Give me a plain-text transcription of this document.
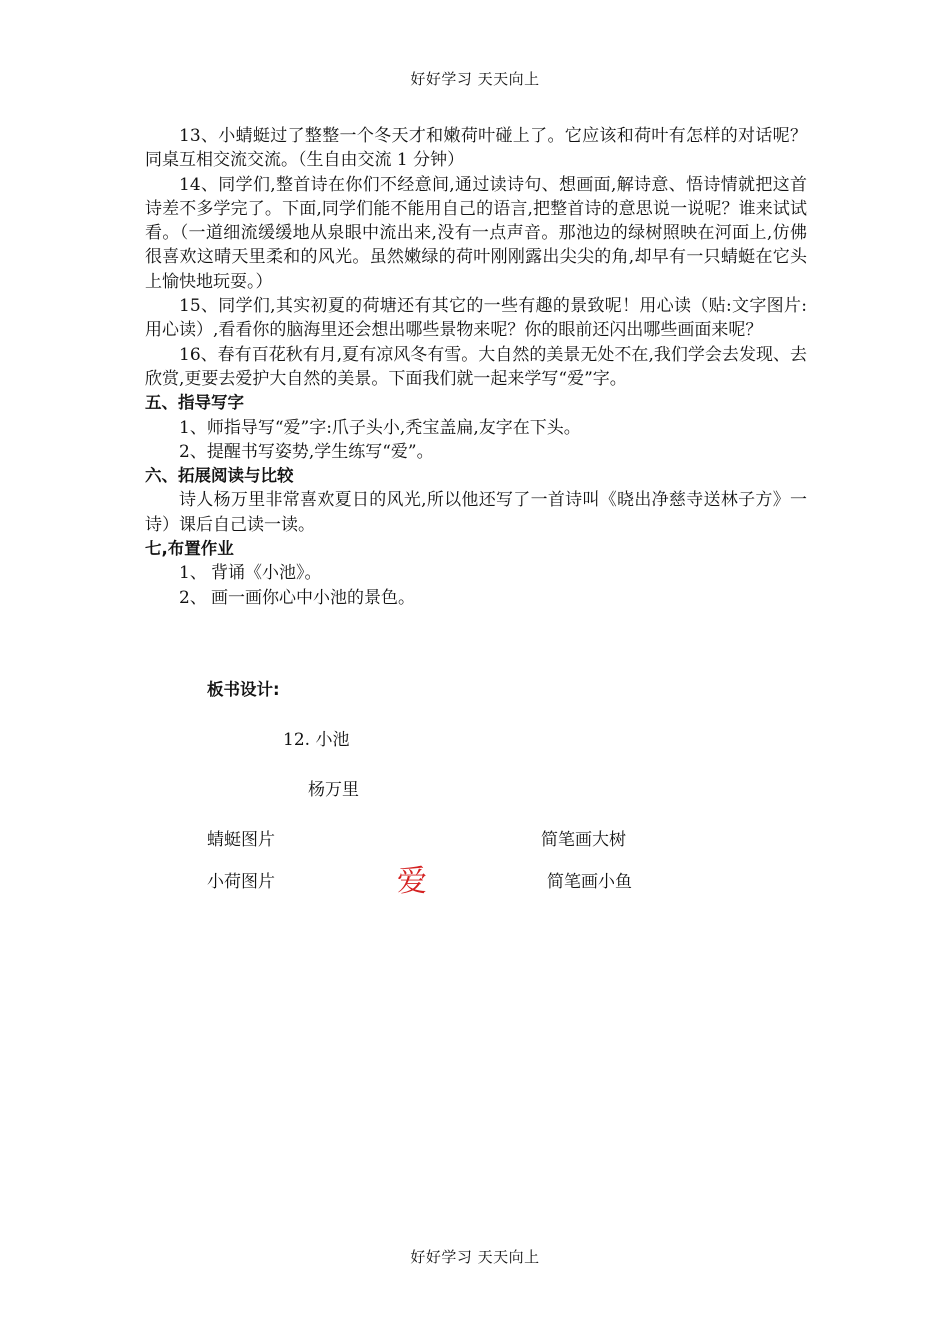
好好学习 天天向上

13、小蜻蜓过了整整一个冬天才和嫩荷叶碰上了。它应该和荷叶有怎样的对话呢？同桌互相交流交流。（生自由交流 1 分钟）

14、同学们,整首诗在你们不经意间,通过读诗句、想画面,解诗意、悟诗情就把这首诗差不多学完了。下面,同学们能不能用自己的语言,把整首诗的意思说一说呢？谁来试试看。（一道细流缓缓地从泉眼中流出来,没有一点声音。那池边的绿树照映在河面上,仿佛很喜欢这晴天里柔和的风光。虽然嫩绿的荷叶刚刚露出尖尖的角,却早有一只蜻蜓在它头上愉快地玩耍。）

15、同学们,其实初夏的荷塘还有其它的一些有趣的景致呢！用心读（贴:文字图片:用心读）,看看你的脑海里还会想出哪些景物来呢？你的眼前还闪出哪些画面来呢？

16、春有百花秋有月,夏有凉风冬有雪。大自然的美景无处不在,我们学会去发现、去欣赏,更要去爱护大自然的美景。下面我们就一起来学写“爱”字。

五、指导写字

1、师指导写“爱”字:爪子头小,秃宝盖扁,友字在下头。

2、提醒书写姿势,学生练写“爱”。

六、拓展阅读与比较

诗人杨万里非常喜欢夏日的风光,所以他还写了一首诗叫《晓出净慈寺送林子方》一诗）课后自己读一读。

七,布置作业

1、 背诵《小池》。

2、 画一画你心中小池的景色。

板书设计:
12. 小池
杨万里
蜻蜓图片	简笔画大树
小荷图片	爱	简笔画小鱼
好好学习 天天向上
